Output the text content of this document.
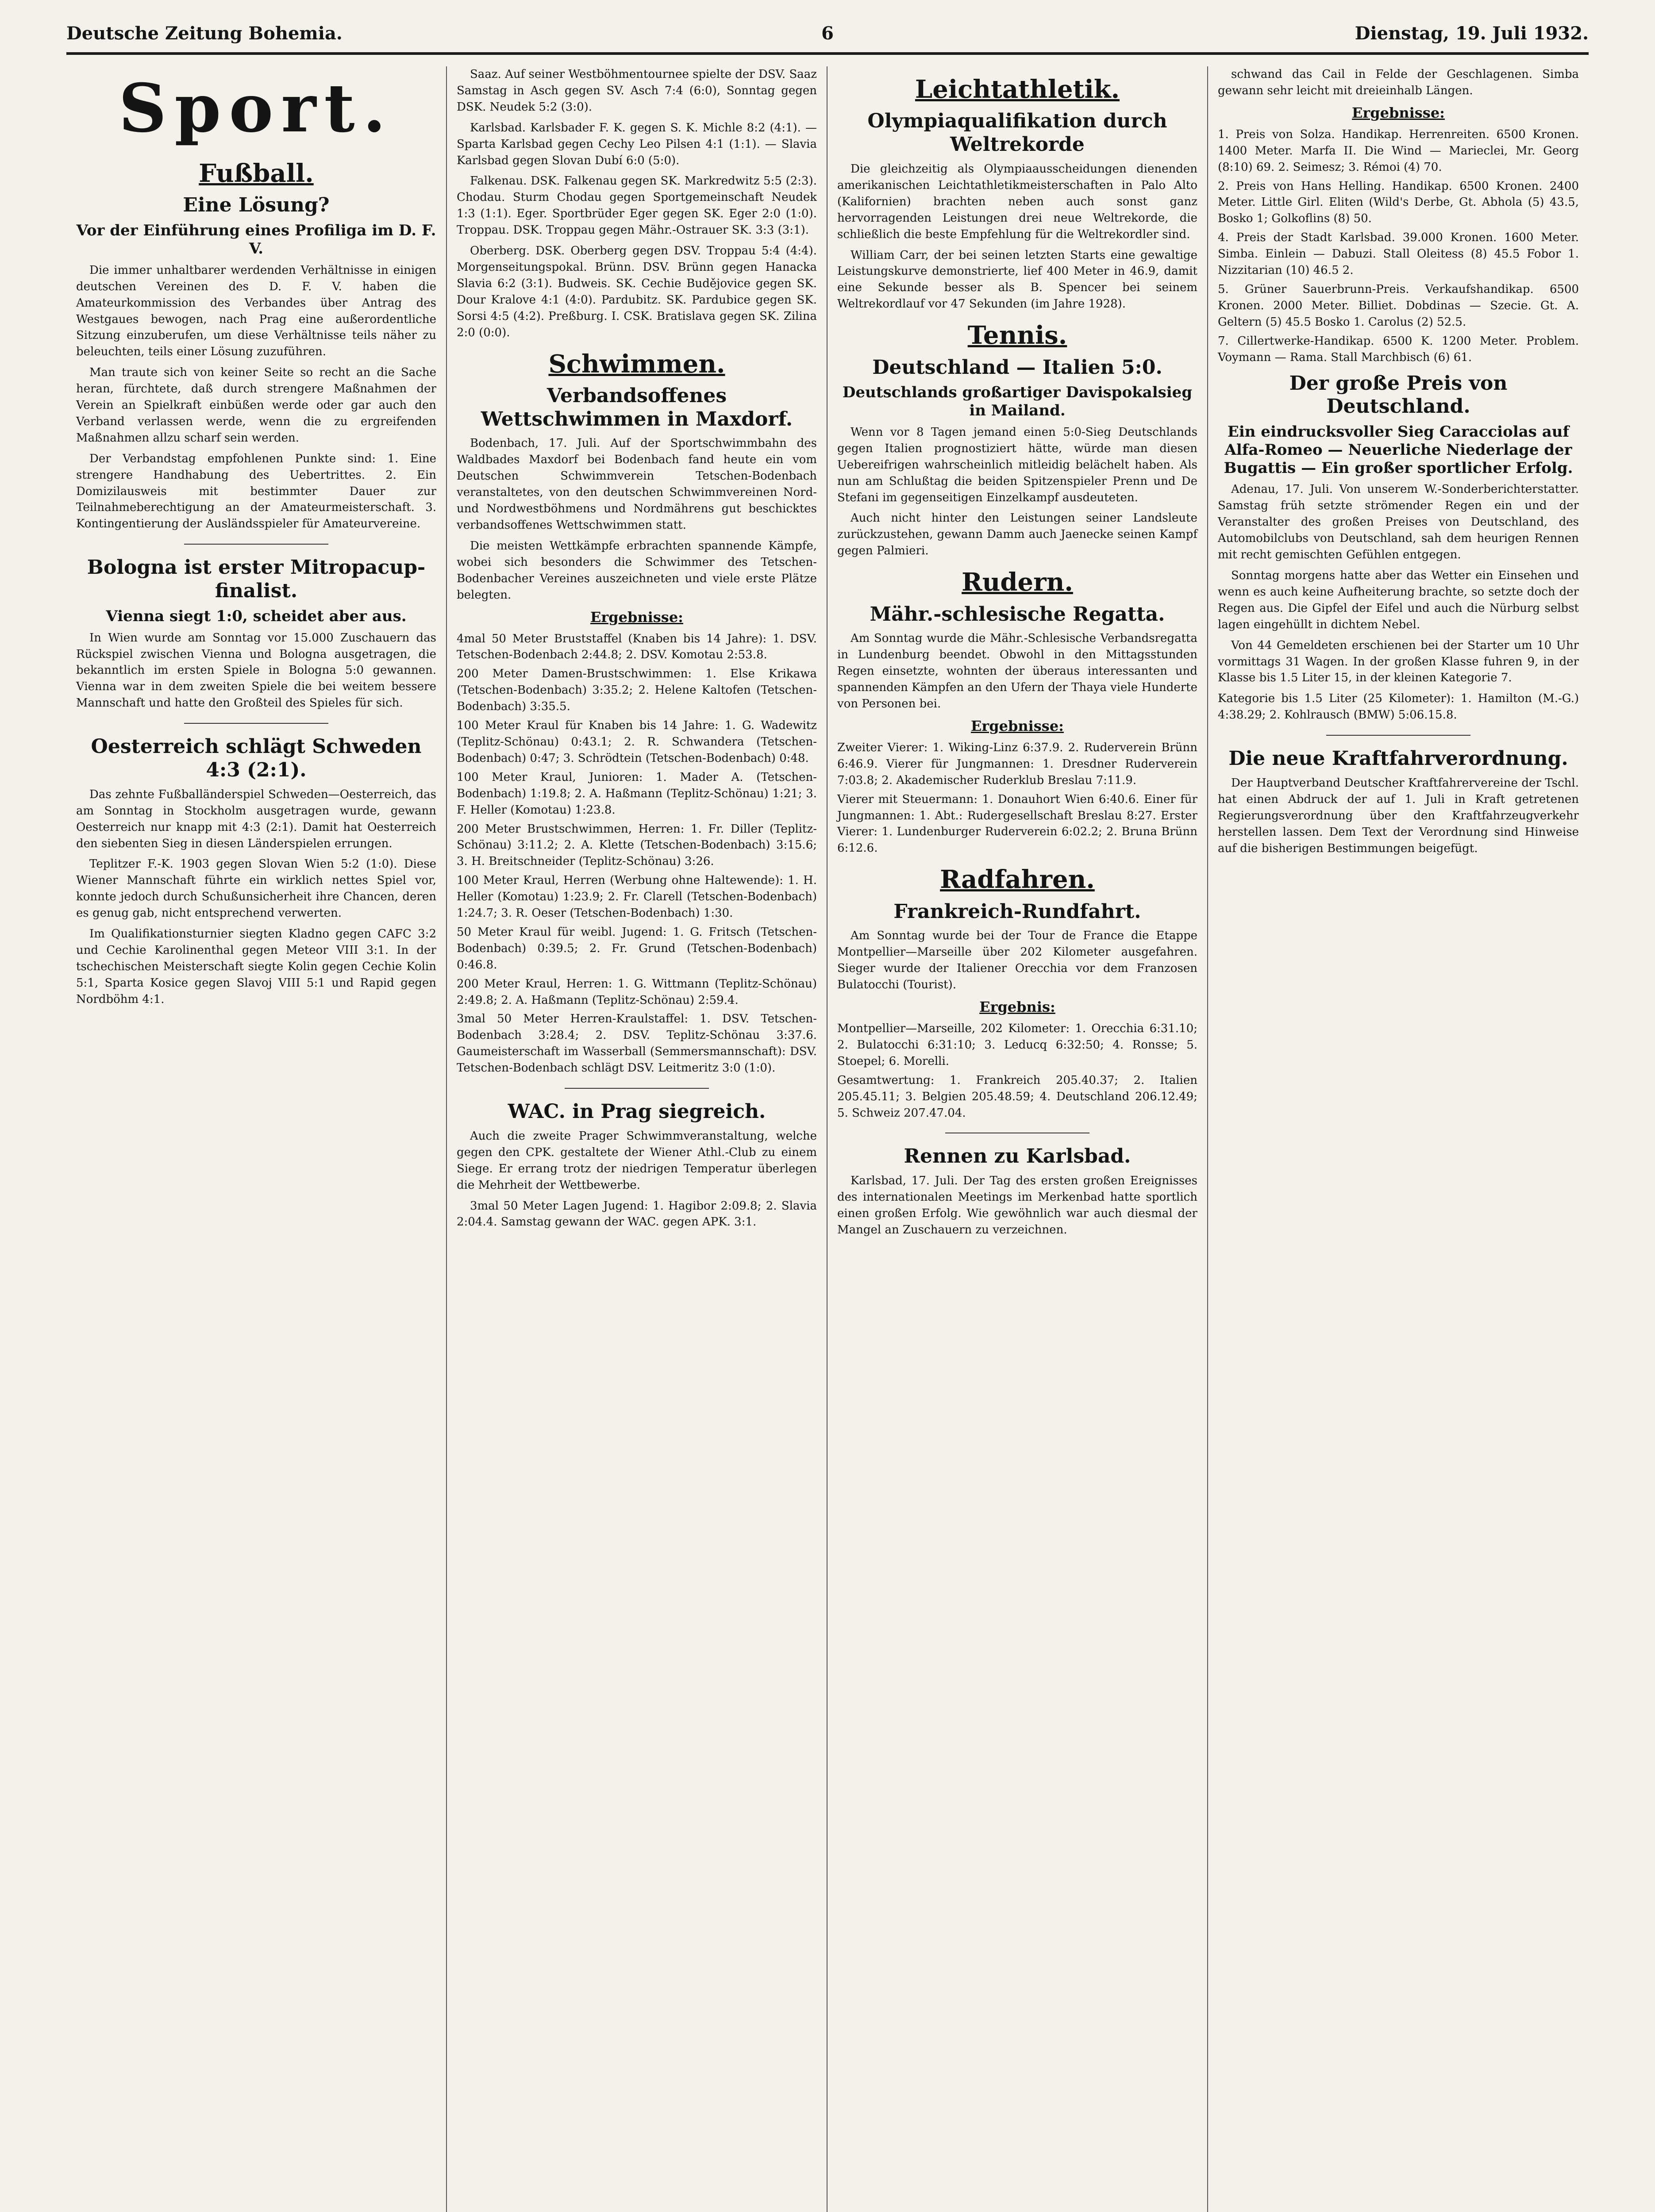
Deutsche Zeitung Bohemia.	6	Dienstag, 19. Juli 1932.
Sport.
Fußball.
Eine Lösung?
Vor der Einführung eines Profiliga im D. F. V.

Die immer unhaltbarer werdenden Verhältnisse in einigen deutschen Vereinen des D. F. V. haben die Amateurkommission des Verbandes über Antrag des Westgaues bewogen, nach Prag eine außerordentliche Sitzung einzuberufen, um diese Verhältnisse teils näher zu beleuchten, teils einer Lösung zuzuführen.

Man traute sich von keiner Seite so recht an die Sache heran, fürchtete, daß durch strengere Maßnahmen der Verein an Spielkraft einbüßen werde oder gar auch den Verband verlassen werde, wenn die zu ergreifenden Maßnahmen allzu scharf sein werden.

Der Verbandstag empfohlenen Punkte sind: 1. Eine strengere Handhabung des Uebertrittes. 2. Ein Domizilausweis mit bestimmter Dauer zur Teilnahmeberechtigung an der Amateurmeisterschaft. 3. Kontingentierung der Ausländsspieler für Amateurvereine.

Bologna ist erster Mitropacup-finalist.
Vienna siegt 1:0, scheidet aber aus.

In Wien wurde am Sonntag vor 15.000 Zuschauern das Rückspiel zwischen Vienna und Bologna ausgetragen, die bekanntlich im ersten Spiele in Bologna 5:0 gewannen. Vienna war in dem zweiten Spiele die bei weitem bessere Mannschaft und hatte den Großteil des Spieles für sich.

Oesterreich schlägt Schweden 4:3 (2:1).

Das zehnte Fußballänderspiel Schweden—Oesterreich, das am Sonntag in Stockholm ausgetragen wurde, gewann Oesterreich nur knapp mit 4:3 (2:1). Damit hat Oesterreich den siebenten Sieg in diesen Länderspielen errungen.

Teplitzer F.-K. 1903 gegen Slovan Wien 5:2 (1:0). Diese Wiener Mannschaft führte ein wirklich nettes Spiel vor, konnte jedoch durch Schußunsicherheit ihre Chancen, deren es genug gab, nicht entsprechend verwerten.

Im Qualifikationsturnier siegten Kladno gegen CAFC 3:2 und Cechie Karolinenthal gegen Meteor VIII 3:1. In der tschechischen Meisterschaft siegte Kolin gegen Cechie Kolin 5:1, Sparta Kosice gegen Slavoj VIII 5:1 und Rapid gegen Nordböhm 4:1.

Saaz. Auf seiner Westböhmentournee spielte der DSV. Saaz Samstag in Asch gegen SV. Asch 7:4 (6:0), Sonntag gegen DSK. Neudek 5:2 (3:0).

Karlsbad. Karlsbader F. K. gegen S. K. Michle 8:2 (4:1). — Sparta Karlsbad gegen Cechy Leo Pilsen 4:1 (1:1). — Slavia Karlsbad gegen Slovan Dubí 6:0 (5:0).

Falkenau. DSK. Falkenau gegen SK. Markredwitz 5:5 (2:3). Chodau. Sturm Chodau gegen Sportgemeinschaft Neudek 1:3 (1:1). Eger. Sportbrüder Eger gegen SK. Eger 2:0 (1:0). Troppau. DSK. Troppau gegen Mähr.-Ostrauer SK. 3:3 (3:1).

Oberberg. DSK. Oberberg gegen DSV. Troppau 5:4 (4:4). Morgenseitungspokal. Brünn. DSV. Brünn gegen Hanacka Slavia 6:2 (3:1). Budweis. SK. Cechie Budějovice gegen SK. Dour Kralove 4:1 (4:0). Pardubitz. SK. Pardubice gegen SK. Sorsi 4:5 (4:2). Preßburg. I. CSK. Bratislava gegen SK. Zilina 2:0 (0:0).

Schwimmen.
Verbandsoffenes Wettschwimmen in Maxdorf.

Bodenbach, 17. Juli. Auf der Sportschwimmbahn des Waldbades Maxdorf bei Bodenbach fand heute ein vom Deutschen Schwimmverein Tetschen-Bodenbach veranstaltetes, von den deutschen Schwimmvereinen Nord- und Nordwestböhmens und Nordmährens gut beschicktes verbandsoffenes Wettschwimmen statt.

Die meisten Wettkämpfe erbrachten spannende Kämpfe, wobei sich besonders die Schwimmer des Tetschen-Bodenbacher Vereines auszeichneten und viele erste Plätze belegten.

Ergebnisse:
4mal 50 Meter Bruststaffel (Knaben bis 14 Jahre): 1. DSV. Tetschen-Bodenbach 2:44.8; 2. DSV. Komotau 2:53.8.
200 Meter Damen-Brustschwimmen: 1. Else Krikawa (Tetschen-Bodenbach) 3:35.2; 2. Helene Kaltofen (Tetschen-Bodenbach) 3:35.5.
100 Meter Kraul für Knaben bis 14 Jahre: 1. G. Wadewitz (Teplitz-Schönau) 0:43.1; 2. R. Schwandera (Tetschen-Bodenbach) 0:47; 3. Schrödtein (Tetschen-Bodenbach) 0:48.
100 Meter Kraul, Junioren: 1. Mader A. (Tetschen-Bodenbach) 1:19.8; 2. A. Haßmann (Teplitz-Schönau) 1:21; 3. F. Heller (Komotau) 1:23.8.
200 Meter Brustschwimmen, Herren: 1. Fr. Diller (Teplitz-Schönau) 3:11.2; 2. A. Klette (Tetschen-Bodenbach) 3:15.6; 3. H. Breitschneider (Teplitz-Schönau) 3:26.
100 Meter Kraul, Herren (Werbung ohne Haltewende): 1. H. Heller (Komotau) 1:23.9; 2. Fr. Clarell (Tetschen-Bodenbach) 1:24.7; 3. R. Oeser (Tetschen-Bodenbach) 1:30.
50 Meter Kraul für weibl. Jugend: 1. G. Fritsch (Tetschen-Bodenbach) 0:39.5; 2. Fr. Grund (Tetschen-Bodenbach) 0:46.8.
200 Meter Kraul, Herren: 1. G. Wittmann (Teplitz-Schönau) 2:49.8; 2. A. Haßmann (Teplitz-Schönau) 2:59.4.
3mal 50 Meter Herren-Kraulstaffel: 1. DSV. Tetschen-Bodenbach 3:28.4; 2. DSV. Teplitz-Schönau 3:37.6. Gaumeisterschaft im Wasserball (Semmersmannschaft): DSV. Tetschen-Bodenbach schlägt DSV. Leitmeritz 3:0 (1:0).
WAC. in Prag siegreich.

Auch die zweite Prager Schwimmveranstaltung, welche gegen den CPK. gestaltete der Wiener Athl.-Club zu einem Siege. Er errang trotz der niedrigen Temperatur überlegen die Mehrheit der Wettbewerbe.

3mal 50 Meter Lagen Jugend: 1. Hagibor 2:09.8; 2. Slavia 2:04.4. Samstag gewann der WAC. gegen APK. 3:1.

Leichtathletik.
Olympiaqualifikation durch Weltrekorde

Die gleichzeitig als Olympiaausscheidungen dienenden amerikanischen Leichtathletikmeisterschaften in Palo Alto (Kalifornien) brachten neben auch sonst ganz hervorragenden Leistungen drei neue Weltrekorde, die schließlich die beste Empfehlung für die Weltrekordler sind.

William Carr, der bei seinen letzten Starts eine gewaltige Leistungskurve demonstrierte, lief 400 Meter in 46.9, damit eine Sekunde besser als B. Spencer bei seinem Weltrekordlauf vor 47 Sekunden (im Jahre 1928).

Tennis.
Deutschland — Italien 5:0.
Deutschlands großartiger Davispokalsieg in Mailand.

Wenn vor 8 Tagen jemand einen 5:0-Sieg Deutschlands gegen Italien prognostiziert hätte, würde man diesen Uebereifrigen wahrscheinlich mitleidig belächelt haben. Als nun am Schlußtag die beiden Spitzenspieler Prenn und De Stefani im gegenseitigen Einzelkampf ausdeuteten.

Auch nicht hinter den Leistungen seiner Landsleute zurückzustehen, gewann Damm auch Jaenecke seinen Kampf gegen Palmieri.

Rudern.
Mähr.-schlesische Regatta.

Am Sonntag wurde die Mähr.-Schlesische Verbandsregatta in Lundenburg beendet. Obwohl in den Mittagsstunden Regen einsetzte, wohnten der überaus interessanten und spannenden Kämpfen an den Ufern der Thaya viele Hunderte von Personen bei.

Ergebnisse:
Zweiter Vierer: 1. Wiking-Linz 6:37.9. 2. Ruderverein Brünn 6:46.9. Vierer für Jungmannen: 1. Dresdner Ruderverein 7:03.8; 2. Akademischer Ruderklub Breslau 7:11.9.
Vierer mit Steuermann: 1. Donauhort Wien 6:40.6. Einer für Jungmannen: 1. Abt.: Rudergesellschaft Breslau 8:27. Erster Vierer: 1. Lundenburger Ruderverein 6:02.2; 2. Bruna Brünn 6:12.6.
Radfahren.
Frankreich-Rundfahrt.

Am Sonntag wurde bei der Tour de France die Etappe Montpellier—Marseille über 202 Kilometer ausgefahren. Sieger wurde der Italiener Orecchia vor dem Franzosen Bulatocchi (Tourist).

Ergebnis:
Montpellier—Marseille, 202 Kilometer: 1. Orecchia 6:31.10; 2. Bulatocchi 6:31:10; 3. Leducq 6:32:50; 4. Ronsse; 5. Stoepel; 6. Morelli.
Gesamtwertung: 1. Frankreich 205.40.37; 2. Italien 205.45.11; 3. Belgien 205.48.59; 4. Deutschland 206.12.49; 5. Schweiz 207.47.04.
Rennen zu Karlsbad.

Karlsbad, 17. Juli. Der Tag des ersten großen Ereignisses des internationalen Meetings im Merkenbad hatte sportlich einen großen Erfolg. Wie gewöhnlich war auch diesmal der Mangel an Zuschauern zu verzeichnen.

schwand das Cail in Felde der Geschlagenen. Simba gewann sehr leicht mit dreieinhalb Längen.

Ergebnisse:
1. Preis von Solza. Handikap. Herrenreiten. 6500 Kronen. 1400 Meter. Marfa II. Die Wind — Marieclei, Mr. Georg (8:10) 69. 2. Seimesz; 3. Rémoi (4) 70.
2. Preis von Hans Helling. Handikap. 6500 Kronen. 2400 Meter. Little Girl. Eliten (Wild's Derbe, Gt. Abhola (5) 43.5, Bosko 1; Golkoflins (8) 50.
4. Preis der Stadt Karlsbad. 39.000 Kronen. 1600 Meter. Simba. Einlein — Dabuzi. Stall Oleitess (8) 45.5 Fobor 1. Nizzitarian (10) 46.5 2.
5. Grüner Sauerbrunn-Preis. Verkaufshandikap. 6500 Kronen. 2000 Meter. Billiet. Dobdinas — Szecie. Gt. A. Geltern (5) 45.5 Bosko 1. Carolus (2) 52.5.
7. Cillertwerke-Handikap. 6500 K. 1200 Meter. Problem. Voymann — Rama. Stall Marchbisch (6) 61.
Der große Preis von Deutschland.
Ein eindrucksvoller Sieg Caracciolas auf Alfa-Romeo — Neuerliche Niederlage der Bugattis — Ein großer sportlicher Erfolg.

Adenau, 17. Juli. Von unserem W.-Sonderberichterstatter. Samstag früh setzte strömender Regen ein und der Veranstalter des großen Preises von Deutschland, des Automobilclubs von Deutschland, sah dem heurigen Rennen mit recht gemischten Gefühlen entgegen.

Sonntag morgens hatte aber das Wetter ein Einsehen und wenn es auch keine Aufheiterung brachte, so setzte doch der Regen aus. Die Gipfel der Eifel und auch die Nürburg selbst lagen eingehüllt in dichtem Nebel.

Von 44 Gemeldeten erschienen bei der Starter um 10 Uhr vormittags 31 Wagen. In der großen Klasse fuhren 9, in der Klasse bis 1.5 Liter 15, in der kleinen Kategorie 7.

Kategorie bis 1.5 Liter (25 Kilometer): 1. Hamilton (M.-G.) 4:38.29; 2. Kohlrausch (BMW) 5:06.15.8.
Die neue Kraftfahrverordnung.

Der Hauptverband Deutscher Kraftfahrervereine der Tschl. hat einen Abdruck der auf 1. Juli in Kraft getretenen Regierungsverordnung über den Kraftfahrzeugverkehr herstellen lassen. Dem Text der Verordnung sind Hinweise auf die bisherigen Bestimmungen beigefügt.
